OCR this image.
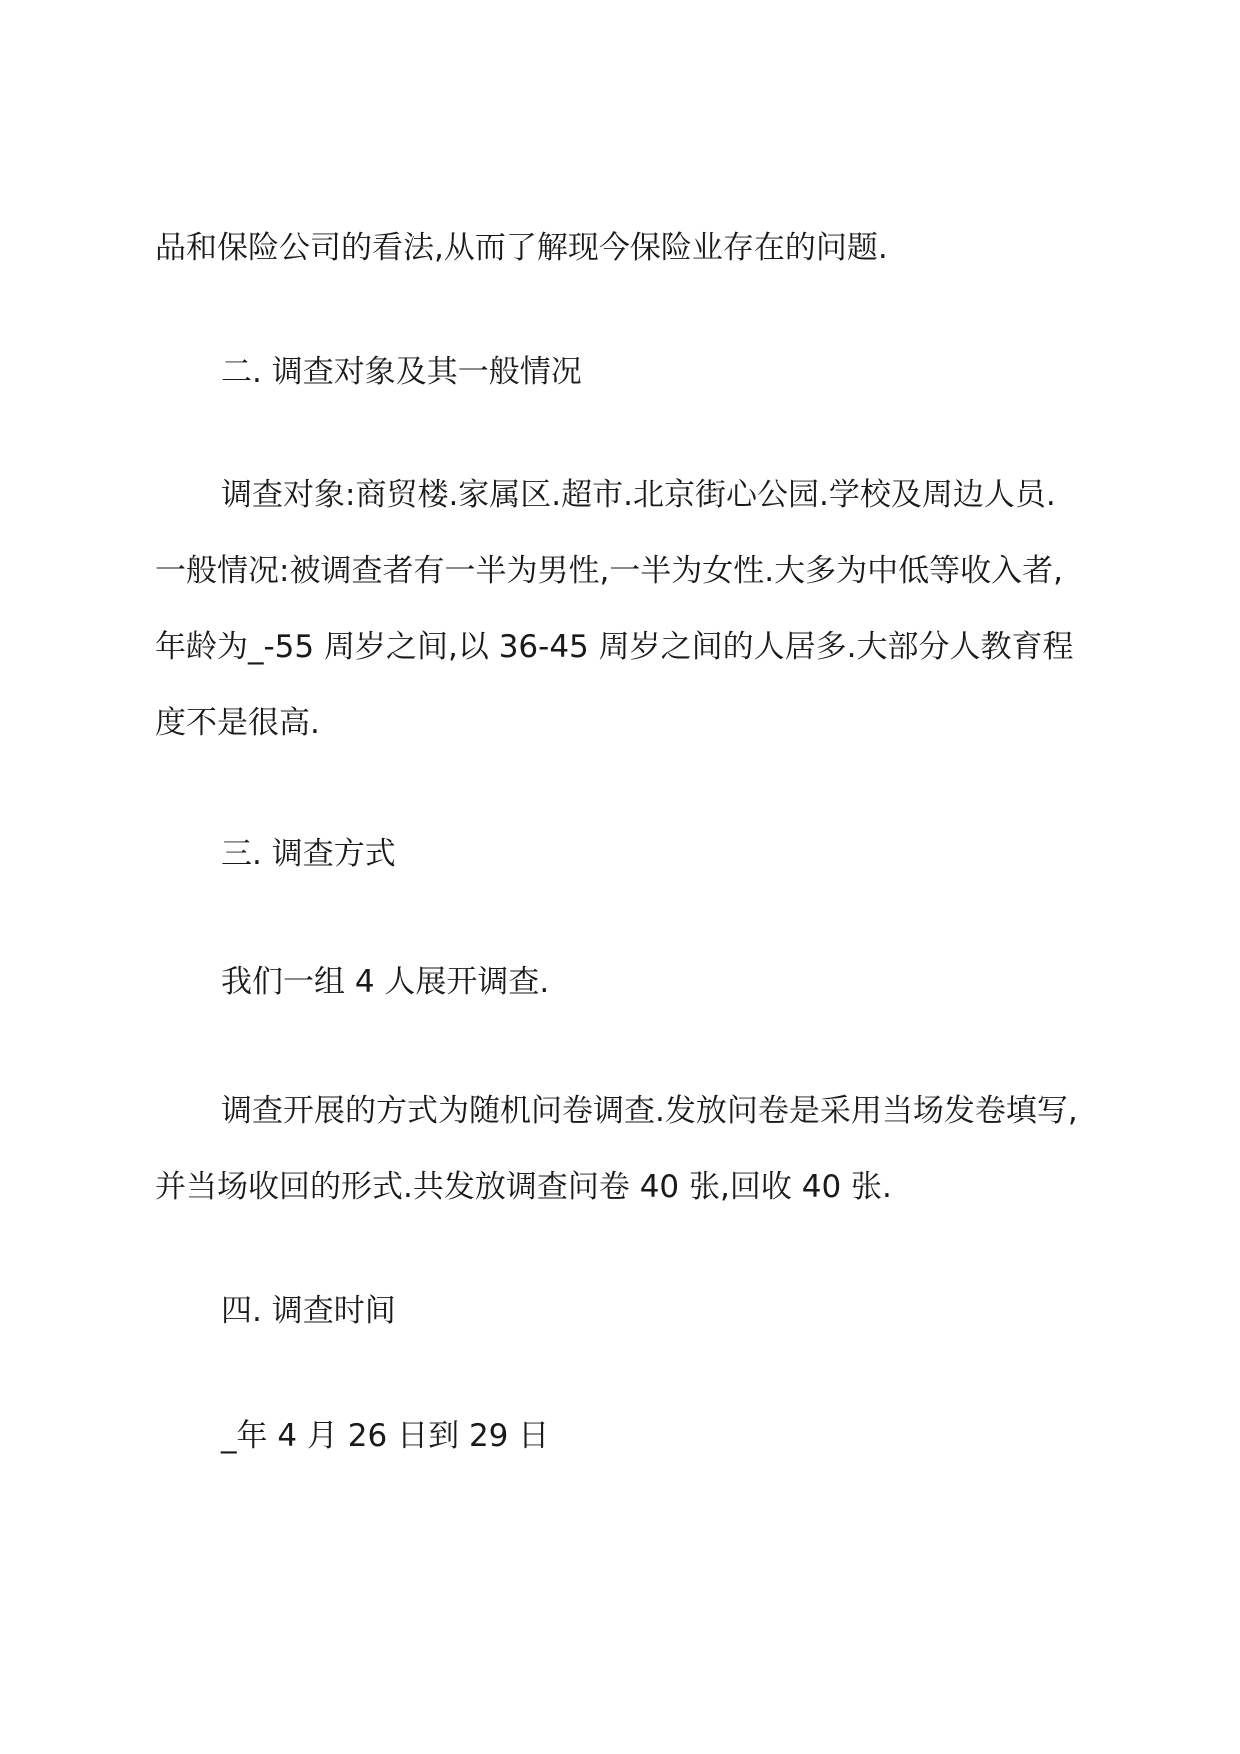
品和保险公司的看法,从而了解现今保险业存在的问题.

二. 调查对象及其一般情况

调查对象:商贸楼.家属区.超市.北京街心公园.学校及周边人员. 一般情况:被调查者有一半为男性,一半为女性.大多为中低等收入者,年龄为_-55 周岁之间,以 36-45 周岁之间的人居多.大部分人教育程度不是很高.

三. 调查方式

我们一组 4 人展开调查.

调查开展的方式为随机问卷调查.发放问卷是采用当场发卷填写,并当场收回的形式.共发放调查问卷 40 张,回收 40 张.

四. 调查时间

_年 4 月 26 日到 29 日
